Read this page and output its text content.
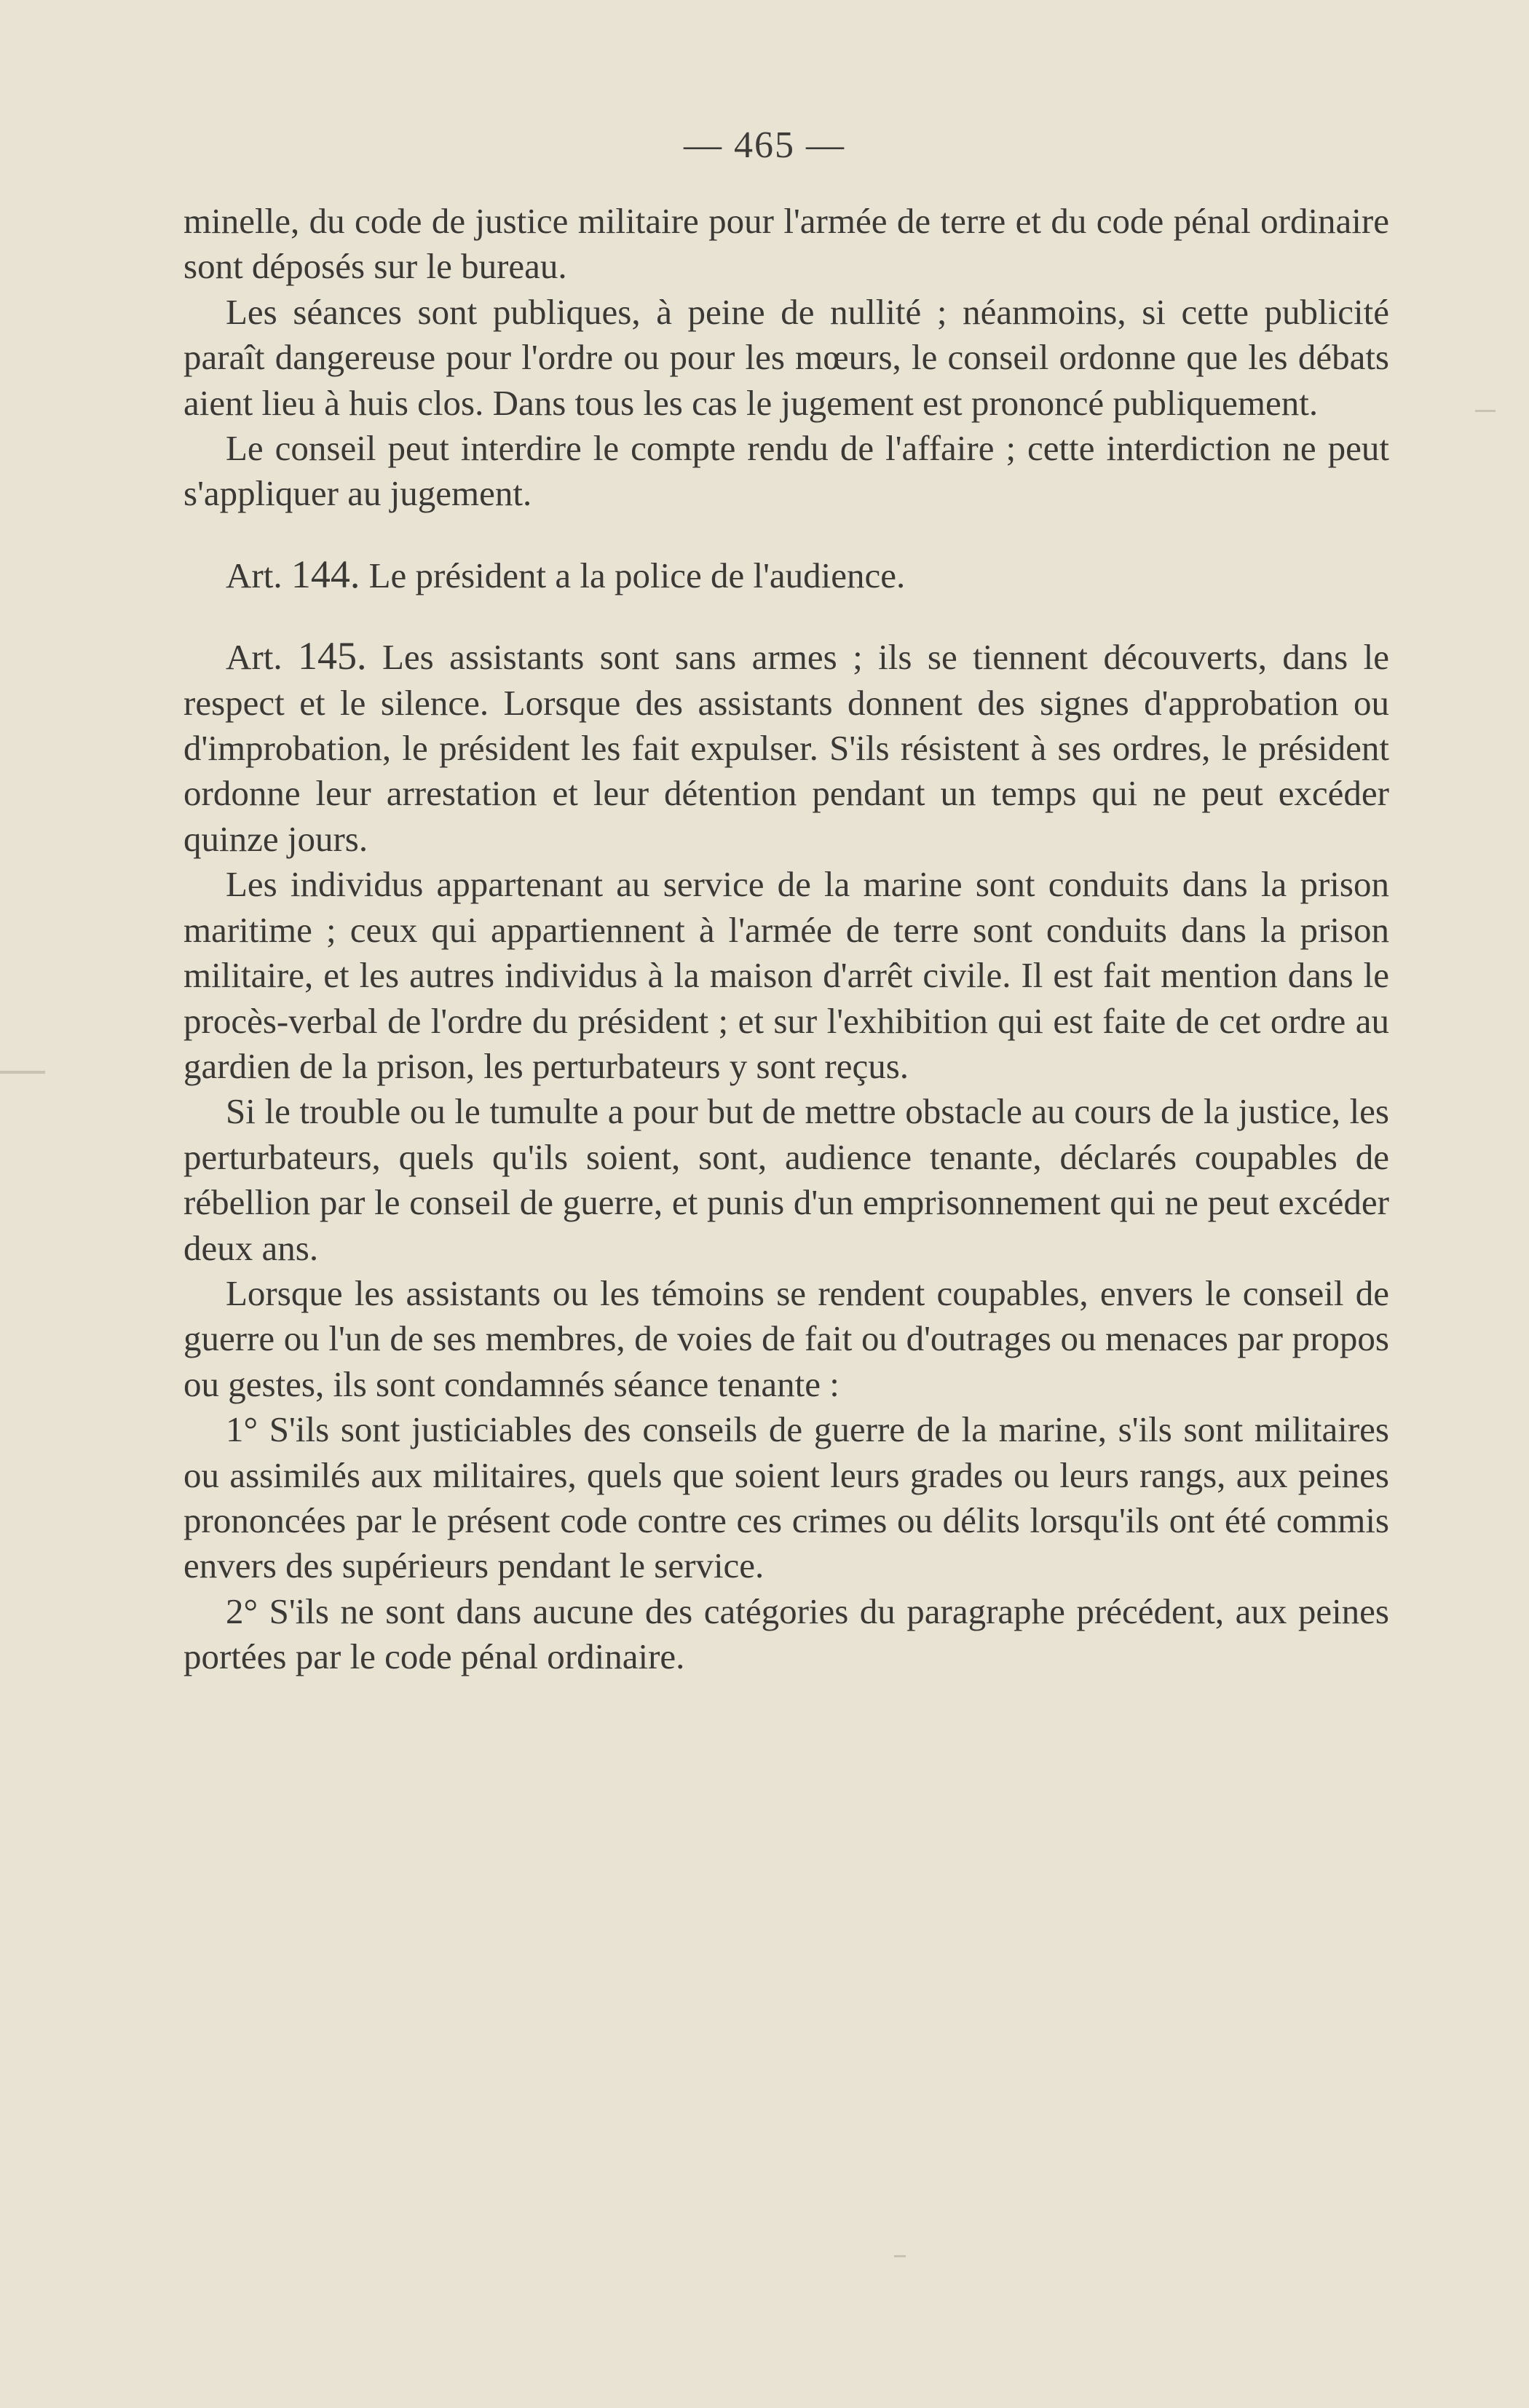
— 465 —

minelle, du code de justice militaire pour l'armée de terre et du code pénal ordinaire sont déposés sur le bureau.

Les séances sont publiques, à peine de nullité ; néanmoins, si cette publicité paraît dangereuse pour l'ordre ou pour les mœurs, le conseil ordonne que les débats aient lieu à huis clos. Dans tous les cas le jugement est prononcé publiquement.

Le conseil peut interdire le compte rendu de l'affaire ; cette interdiction ne peut s'appliquer au jugement.

Art. 144. Le président a la police de l'audience.

Art. 145. Les assistants sont sans armes ; ils se tiennent découverts, dans le respect et le silence. Lorsque des assistants donnent des signes d'approbation ou d'improbation, le président les fait expulser. S'ils résistent à ses ordres, le président ordonne leur arrestation et leur détention pendant un temps qui ne peut excéder quinze jours.

Les individus appartenant au service de la marine sont conduits dans la prison maritime ; ceux qui appartiennent à l'armée de terre sont conduits dans la prison militaire, et les autres individus à la maison d'arrêt civile. Il est fait mention dans le procès-verbal de l'ordre du président ; et sur l'exhibition qui est faite de cet ordre au gardien de la prison, les perturbateurs y sont reçus.

Si le trouble ou le tumulte a pour but de mettre obstacle au cours de la justice, les perturbateurs, quels qu'ils soient, sont, audience tenante, déclarés coupables de rébellion par le conseil de guerre, et punis d'un emprisonnement qui ne peut excéder deux ans.

Lorsque les assistants ou les témoins se rendent coupables, envers le conseil de guerre ou l'un de ses membres, de voies de fait ou d'outrages ou menaces par propos ou gestes, ils sont condamnés séance tenante :

1° S'ils sont justiciables des conseils de guerre de la marine, s'ils sont militaires ou assimilés aux militaires, quels que soient leurs grades ou leurs rangs, aux peines prononcées par le présent code contre ces crimes ou délits lorsqu'ils ont été commis envers des supérieurs pendant le service.

2° S'ils ne sont dans aucune des catégories du paragraphe précédent, aux peines portées par le code pénal ordinaire.
